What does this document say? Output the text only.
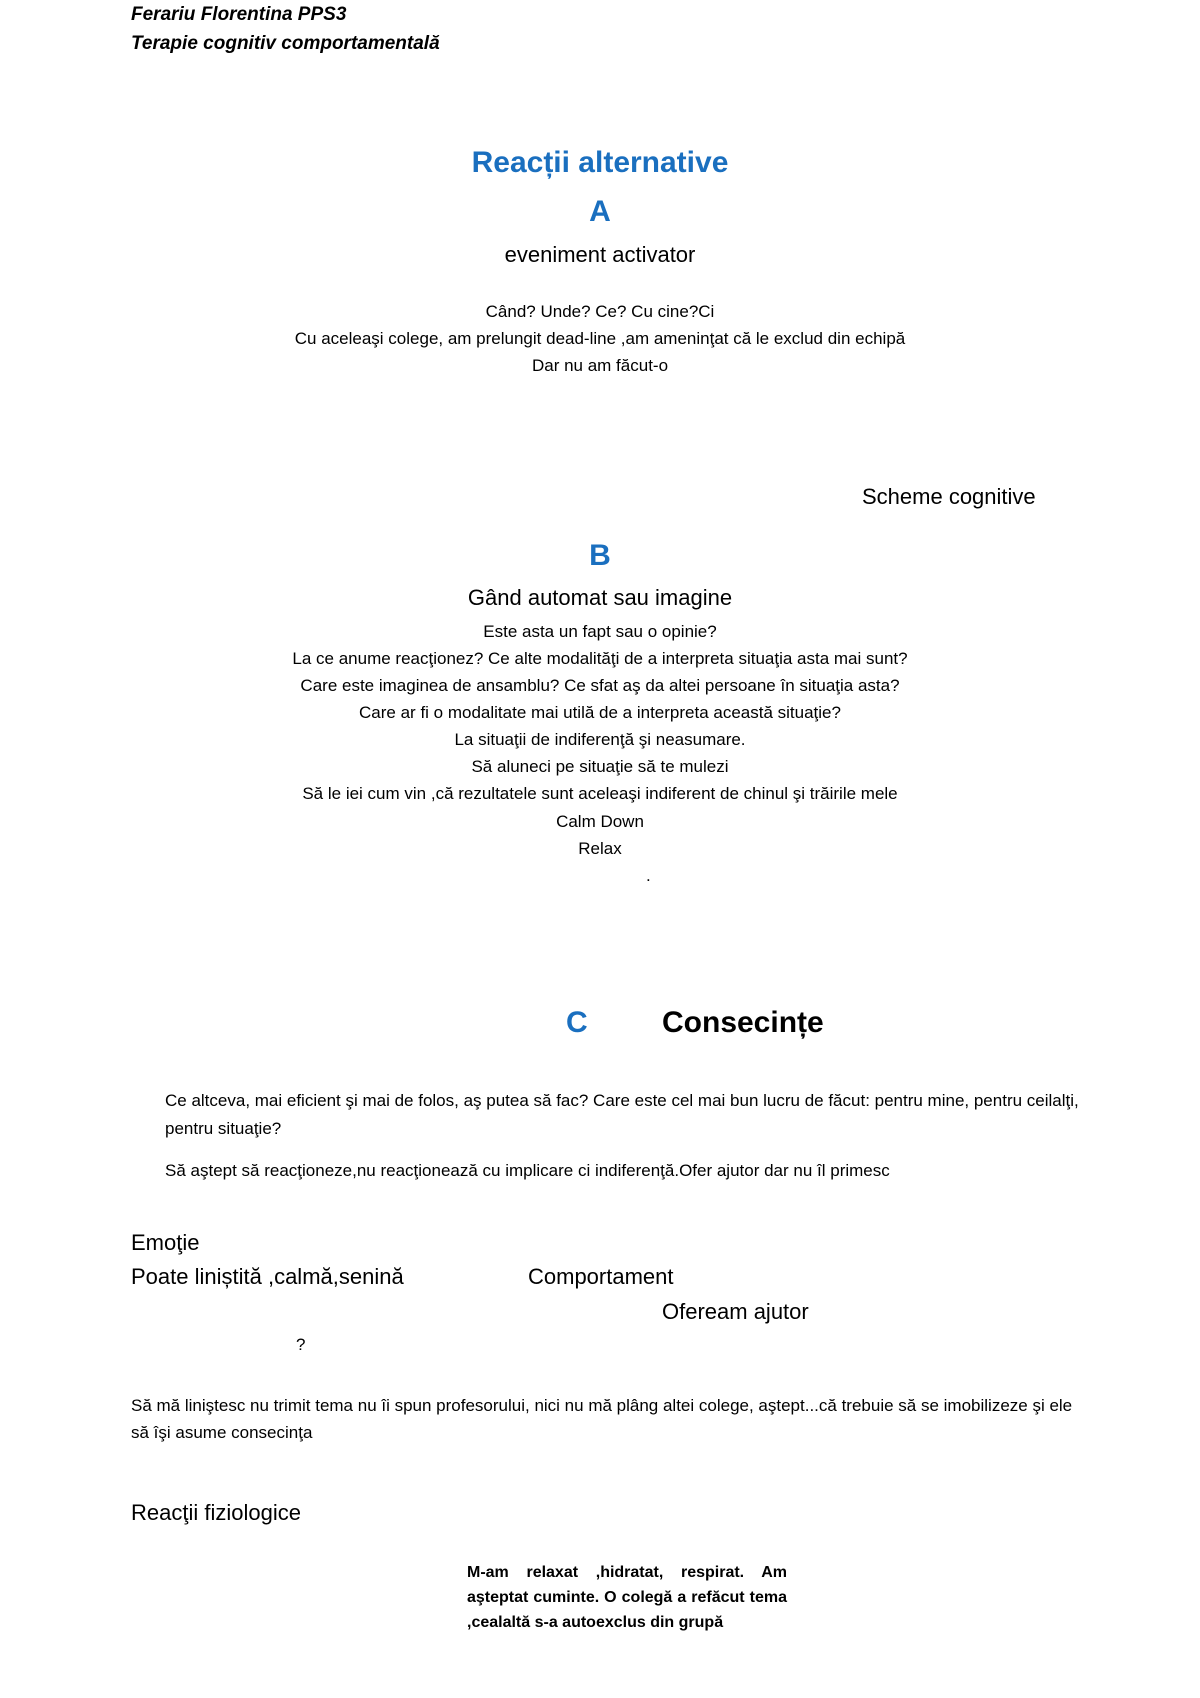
Ferariu Florentina PPS3
Terapie cognitiv comportamentală
Reacții alternative
A
eveniment activator
Când? Unde? Ce? Cu cine?Ci
Cu aceleaşi colege, am prelungit dead-line ,am ameninţat că le exclud din echipă
Dar nu am făcut-o
Scheme cognitive
B
Gând automat sau imagine
Este asta un fapt sau o opinie?
La ce anume reacţionez? Ce alte modalităţi de a interpreta situaţia asta mai sunt?
Care este imaginea de ansamblu? Ce sfat aş da altei persoane în situaţia asta?
Care ar fi o modalitate mai utilă de a interpreta această situaţie?
La situaţii de indiferenţă şi neasumare.
Să aluneci pe situaţie să te mulezi
Să le iei cum vin ,că rezultatele sunt aceleaşi indiferent de chinul şi trăirile mele
Calm Down
Relax
.
C Consecințe
Ce altceva, mai eficient şi mai de folos, aş putea să fac? Care este cel mai bun lucru de făcut: pentru mine, pentru ceilalţi, pentru situaţie?
Să aştept să reacţioneze,nu reacţionează cu implicare ci indiferenţă.Ofer ajutor dar nu îl primesc
Emoţie
Poate liniștită ,calmă,senină	Comportament
Ofeream ajutor
?
Să mă liniştesc nu trimit tema nu îi spun profesorului, nici nu mă plâng altei colege, aştept...că trebuie să se imobilizeze şi ele să îşi asume consecinţa
Reacţii fiziologice
M-am relaxat ,hidratat, respirat. Am aşteptat cuminte. O colegă a refăcut tema ,cealaltă s-a autoexclus din grupă
